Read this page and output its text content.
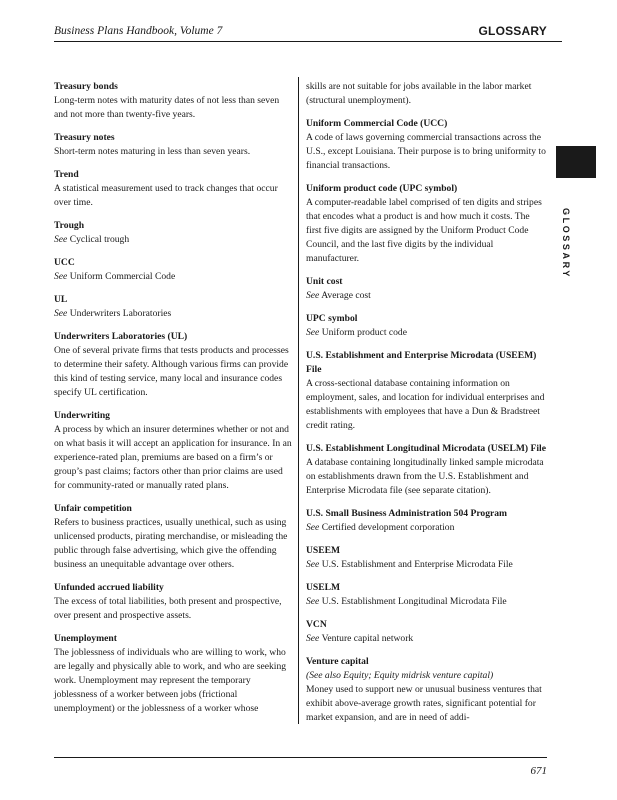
Business Plans Handbook, Volume 7	GLOSSARY
Treasury bonds
Long-term notes with maturity dates of not less than seven and not more than twenty-five years.
Treasury notes
Short-term notes maturing in less than seven years.
Trend
A statistical measurement used to track changes that occur over time.
Trough
See Cyclical trough
UCC
See Uniform Commercial Code
UL
See Underwriters Laboratories
Underwriters Laboratories (UL)
One of several private firms that tests products and processes to determine their safety. Although various firms can provide this kind of testing service, many local and insurance codes specify UL certification.
Underwriting
A process by which an insurer determines whether or not and on what basis it will accept an application for insurance. In an experience-rated plan, premiums are based on a firm’s or group’s past claims; factors other than prior claims are used for community-rated or manually rated plans.
Unfair competition
Refers to business practices, usually unethical, such as using unlicensed products, pirating merchandise, or misleading the public through false advertising, which give the offending business an unequitable advantage over others.
Unfunded accrued liability
The excess of total liabilities, both present and prospective, over present and prospective assets.
Unemployment
The joblessness of individuals who are willing to work, who are legally and physically able to work, and who are seeking work. Unemployment may represent the temporary joblessness of a worker between jobs (frictional unemployment) or the joblessness of a worker whose
skills are not suitable for jobs available in the labor market (structural unemployment).
Uniform Commercial Code (UCC)
A code of laws governing commercial transactions across the U.S., except Louisiana. Their purpose is to bring uniformity to financial transactions.
Uniform product code (UPC symbol)
A computer-readable label comprised of ten digits and stripes that encodes what a product is and how much it costs. The first five digits are assigned by the Uniform Product Code Council, and the last five digits by the individual manufacturer.
Unit cost
See Average cost
UPC symbol
See Uniform product code
U.S. Establishment and Enterprise Microdata (USEEM) File
A cross-sectional database containing information on employment, sales, and location for individual enterprises and establishments with employees that have a Dun & Bradstreet credit rating.
U.S. Establishment Longitudinal Microdata (USELM) File
A database containing longitudinally linked sample microdata on establishments drawn from the U.S. Establishment and Enterprise Microdata file (see separate citation).
U.S. Small Business Administration 504 Program
See Certified development corporation
USEEM
See U.S. Establishment and Enterprise Microdata File
USELM
See U.S. Establishment Longitudinal Microdata File
VCN
See Venture capital network
Venture capital
(See also Equity; Equity midrisk venture capital)
Money used to support new or unusual business ventures that exhibit above-average growth rates, significant potential for market expansion, and are in need of addi-
GLOSSARY
671
